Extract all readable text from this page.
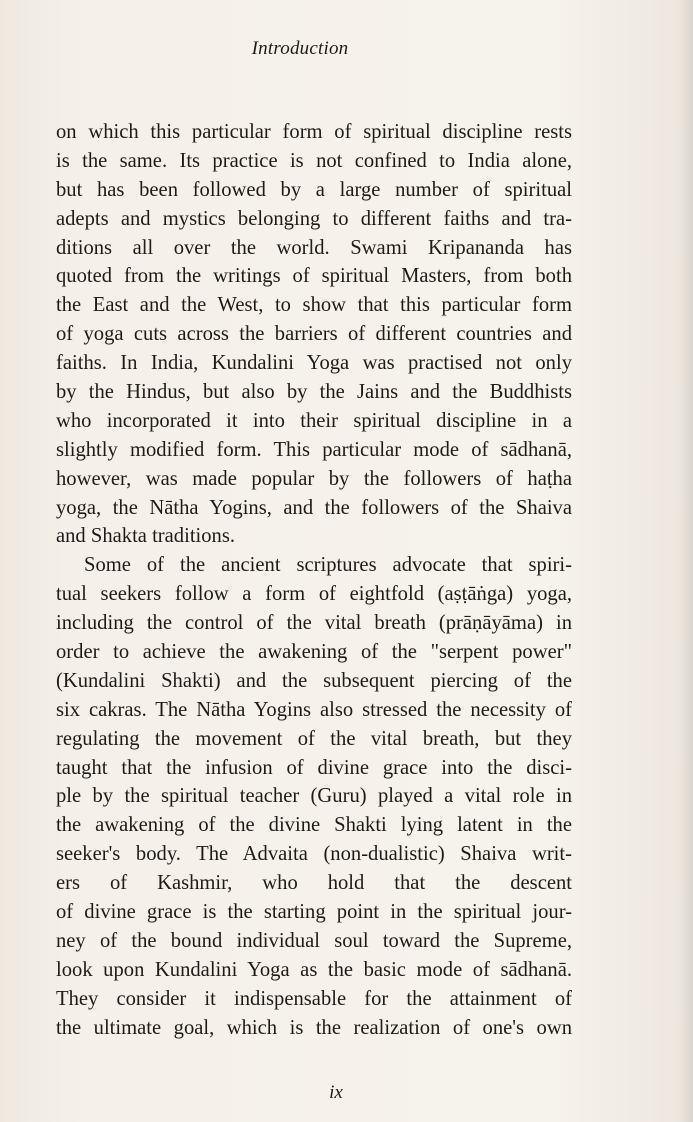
Introduction
on which this particular form of spiritual discipline rests
is the same. Its practice is not confined to India alone,
but has been followed by a large number of spiritual
adepts and mystics belonging to different faiths and tra-
ditions all over the world. Swami Kripananda has
quoted from the writings of spiritual Masters, from both
the East and the West, to show that this particular form
of yoga cuts across the barriers of different countries and
faiths. In India, Kundalini Yoga was practised not only
by the Hindus, but also by the Jains and the Buddhists
who incorporated it into their spiritual discipline in a
slightly modified form. This particular mode of sādhanā,
however, was made popular by the followers of haṭha
yoga, the Nātha Yogins, and the followers of the Shaiva
and Shakta traditions.
Some of the ancient scriptures advocate that spiri-
tual seekers follow a form of eightfold (aṣṭāṅga) yoga,
including the control of the vital breath (prāṇāyāma) in
order to achieve the awakening of the "serpent power"
(Kundalini Shakti) and the subsequent piercing of the
six cakras. The Nātha Yogins also stressed the necessity of
regulating the movement of the vital breath, but they
taught that the infusion of divine grace into the disci-
ple by the spiritual teacher (Guru) played a vital role in
the awakening of the divine Shakti lying latent in the
seeker's body. The Advaita (non-dualistic) Shaiva writ-
ers of Kashmir, who hold that the descent
of divine grace is the starting point in the spiritual jour-
ney of the bound individual soul toward the Supreme,
look upon Kundalini Yoga as the basic mode of sādhanā.
They consider it indispensable for the attainment of
the ultimate goal, which is the realization of one's own
ix
